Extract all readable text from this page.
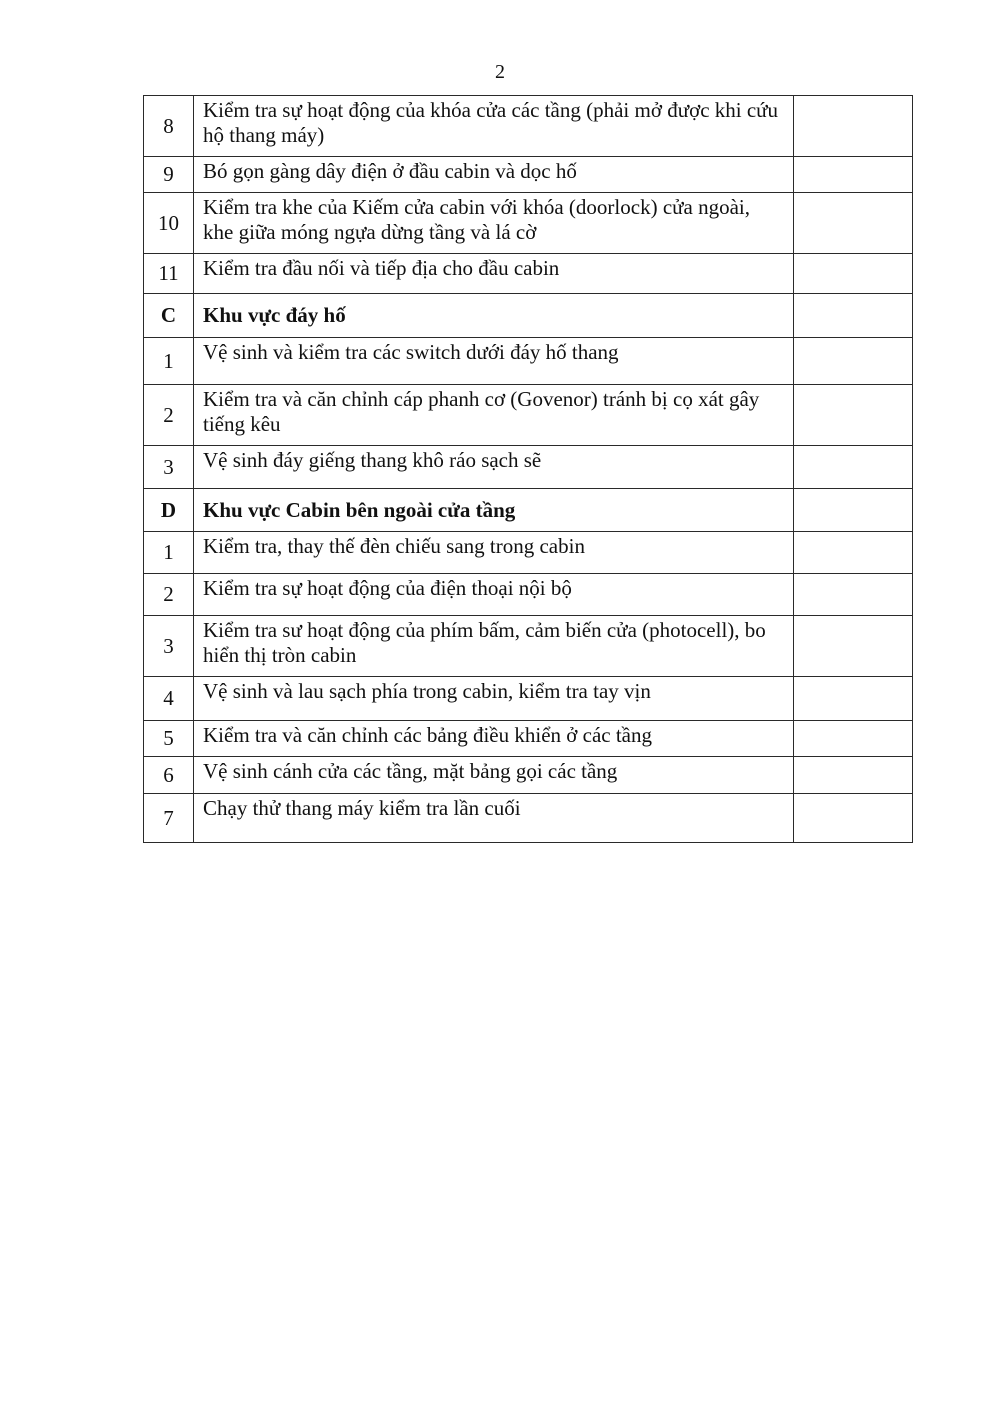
2
8	Kiểm tra sự hoạt động của khóa cửa các tầng (phải mở được khi cứu hộ thang máy)	
9	Bó gọn gàng dây điện ở đầu cabin và dọc hố	
10	Kiểm tra khe của Kiếm cửa cabin với khóa (doorlock) cửa ngoài, khe giữa móng ngựa dừng tầng và lá cờ	
11	Kiểm tra đầu nối và tiếp địa cho đầu cabin	
C	Khu vực đáy hố	
1	Vệ sinh và kiểm tra các switch dưới đáy hố thang	
2	Kiểm tra và căn chỉnh cáp phanh cơ (Govenor) tránh bị cọ xát gây tiếng kêu	
3	Vệ sinh đáy giếng thang khô ráo sạch sẽ	
D	Khu vực Cabin bên ngoài cửa tầng	
1	Kiểm tra, thay thế đèn chiếu sang trong cabin	
2	Kiểm tra sự hoạt động của điện thoại nội bộ	
3	Kiểm tra sư hoạt động của phím bấm, cảm biến cửa (photocell), bo hiển thị tròn cabin	
4	Vệ sinh và lau sạch phía trong cabin, kiểm tra tay vịn	
5	Kiểm tra và căn chỉnh các bảng điều khiển ở các tầng	
6	Vệ sinh cánh cửa các tầng, mặt bảng gọi các tầng	
7	Chạy thử thang máy kiểm tra lần cuối	
